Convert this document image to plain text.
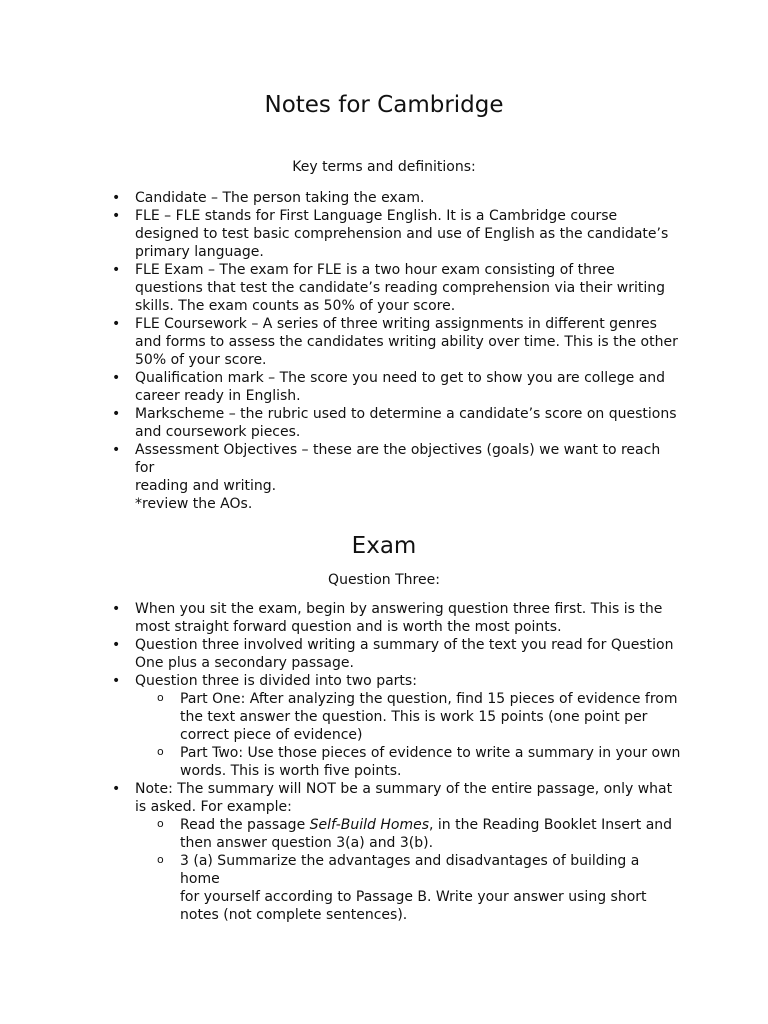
Notes for Cambridge

Key terms and definitions:

• Candidate – The person taking the exam.
• FLE – FLE stands for First Language English. It is a Cambridge course
designed to test basic comprehension and use of English as the candidate’s
primary language.
• FLE Exam – The exam for FLE is a two hour exam consisting of three
questions that test the candidate’s reading comprehension via their writing
skills. The exam counts as 50% of your score.
• FLE Coursework – A series of three writing assignments in different genres
and forms to assess the candidates writing ability over time. This is the other
50% of your score.
• Qualification mark – The score you need to get to show you are college and
career ready in English.
• Markscheme – the rubric used to determine a candidate’s score on questions
and coursework pieces.
• Assessment Objectives – these are the objectives (goals) we want to reach for
reading and writing.
*review the AOs.
Exam

Question Three:

• When you sit the exam, begin by answering question three first. This is the
most straight forward question and is worth the most points.
• Question three involved writing a summary of the text you read for Question
One plus a secondary passage.
• Question three is divided into two parts:
o Part One: After analyzing the question, find 15 pieces of evidence from
the text answer the question. This is work 15 points (one point per
correct piece of evidence)
o Part Two: Use those pieces of evidence to write a summary in your own
words. This is worth five points.
• Note: The summary will NOT be a summary of the entire passage, only what
is asked. For example:
o Read the passage Self-Build Homes, in the Reading Booklet Insert and
then answer question 3(a) and 3(b).
o 3 (a) Summarize the advantages and disadvantages of building a home
for yourself according to Passage B. Write your answer using short
notes (not complete sentences).
